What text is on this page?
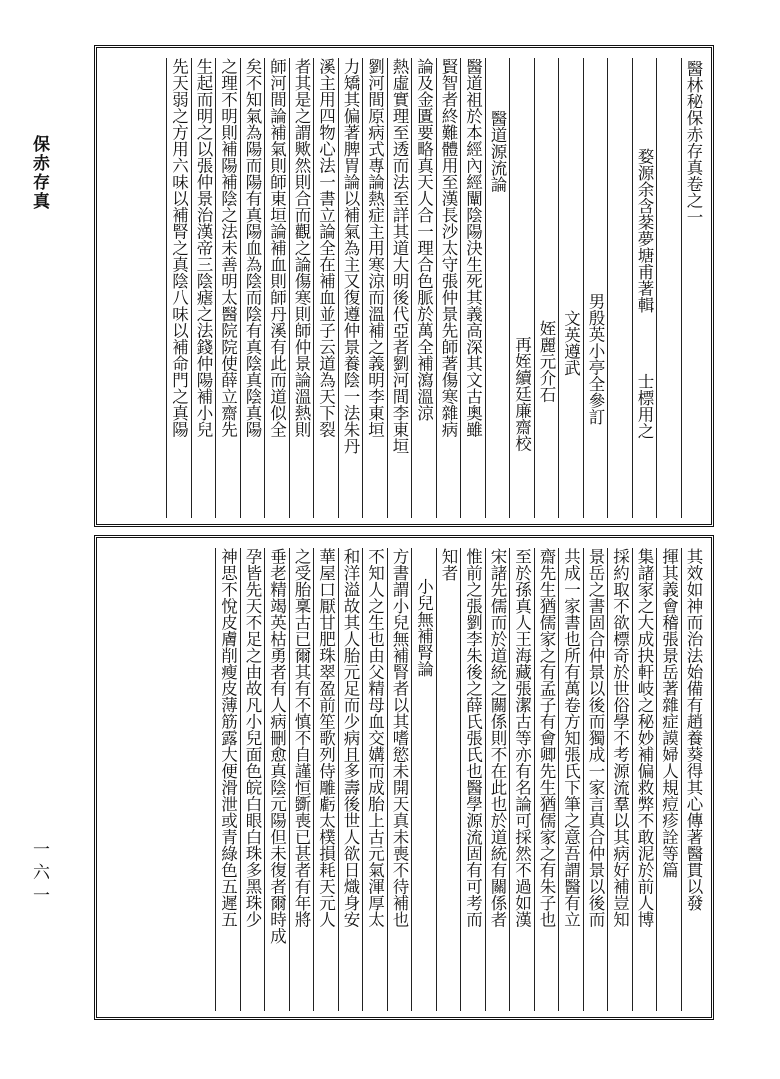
保赤存真
一六一
醫林秘保赤存真卷之一
婺源余含棻夢塘甫著輯士標用之
男殷英小亭全參訂
文英遵武
姪麗元介石
再姪續廷廉齋校
醫道源流論
醫道祖於本經內經闡陰陽決生死其義高深其文古奧雖
賢智者終難體用至漢長沙太守張仲景先師著傷寒雜病
論及金匱要略真天人合一理合色脈於萬全補瀉溫涼
熱虛實理至透而法至詳其道大明後代亞者劉河間李東垣
劉河間原病式專論熱症主用寒涼而溫補之義明李東垣
力矯其偏著脾胃論以補氣為主又復遵仲景養陰一法朱丹
溪主用四物心法一書立論全在補血並子云道為天下裂
者其是之謂歟然則合而觀之論傷寒則師仲景論溫熱則
師河間論補氣則師東垣論補血則師丹溪有此而道似全
矣不知氣為陽而陽有真陽血為陰而陰有真陰真陰真陽
之理不明則補陽補陰之法未善明太醫院院使薛立齋先
生起而明之以張仲景治漢帝三陰瘧之法錢仲陽補小兒
先天弱之方用六味以補腎之真陰八味以補命門之真陽
其效如神而治法始備有趙養葵得其心傳著醫貫以發
揮其義會稽張景岳著雜症謨婦人規痘疹詮等篇
集諸家之大成抉軒岐之秘妙補偏救弊不敢泥於前人博
採約取不欲標奇於世俗學不考源流羣以其病好補豈知
景岳之書固合仲景以後而獨成一家言真合仲景以後而
共成一家書也所有萬卷方知張氏下筆之意吾謂醫有立
齋先生猶儒家之有孟子有會卿先生猶儒家之有朱子也
至於孫真人王海藏張潔古等亦有名論可採然不過如漢
宋諸先儒而於道統之關係則不在此也於道統有關係者
惟前之張劉李朱後之薛氏張氏也醫學源流固有可考而
知者
小兒無補腎論
方書謂小兒無補腎者以其嗜慾未開天真未喪不待補也
不知人之生也由父精母血交媾而成胎上古元氣渾厚太
和洋溢故其人胎元足而少病且多壽後世人欲日熾身安
華屋口厭甘肥珠翠盈前笙歌列侍雕虧太樸損耗天元人
之受胎稟古已爾其有不慎不自謹恒斵喪已甚者有年將
垂老精竭英枯勇者有人病刪愈真陰元陽但未復者爾時成
孕皆先天不足之由故凡小兒面色皖白眼白珠多黑珠少
神思不悅皮膚削瘦皮薄筋露大便滑泄或青綠色五遲五
